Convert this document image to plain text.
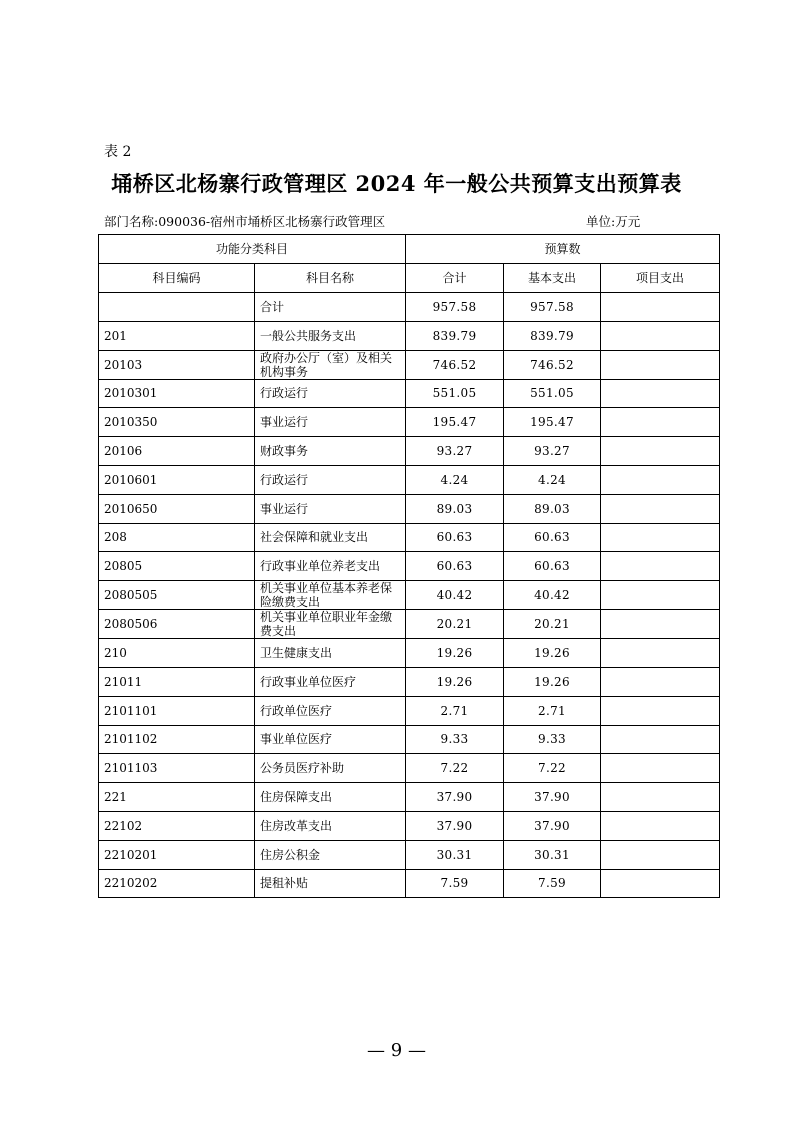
表 2
埇桥区北杨寨行政管理区 2024 年一般公共预算支出预算表
部门名称:090036-宿州市埇桥区北杨寨行政管理区	单位:万元
功能分类科目		预算数		
科目编码	科目名称	合计	基本支出	项目支出
	合计	957.58	957.58	
201	一般公共服务支出	839.79	839.79	
20103	政府办公厅（室）及相关机构事务	746.52	746.52	
2010301	行政运行	551.05	551.05	
2010350	事业运行	195.47	195.47	
20106	财政事务	93.27	93.27	
2010601	行政运行	4.24	4.24	
2010650	事业运行	89.03	89.03	
208	社会保障和就业支出	60.63	60.63	
20805	行政事业单位养老支出	60.63	60.63	
2080505	机关事业单位基本养老保险缴费支出	40.42	40.42	
2080506	机关事业单位职业年金缴费支出	20.21	20.21	
210	卫生健康支出	19.26	19.26	
21011	行政事业单位医疗	19.26	19.26	
2101101	行政单位医疗	2.71	2.71	
2101102	事业单位医疗	9.33	9.33	
2101103	公务员医疗补助	7.22	7.22	
221	住房保障支出	37.90	37.90	
22102	住房改革支出	37.90	37.90	
2210201	住房公积金	30.31	30.31	
2210202	提租补贴	7.59	7.59	
— 9 —
